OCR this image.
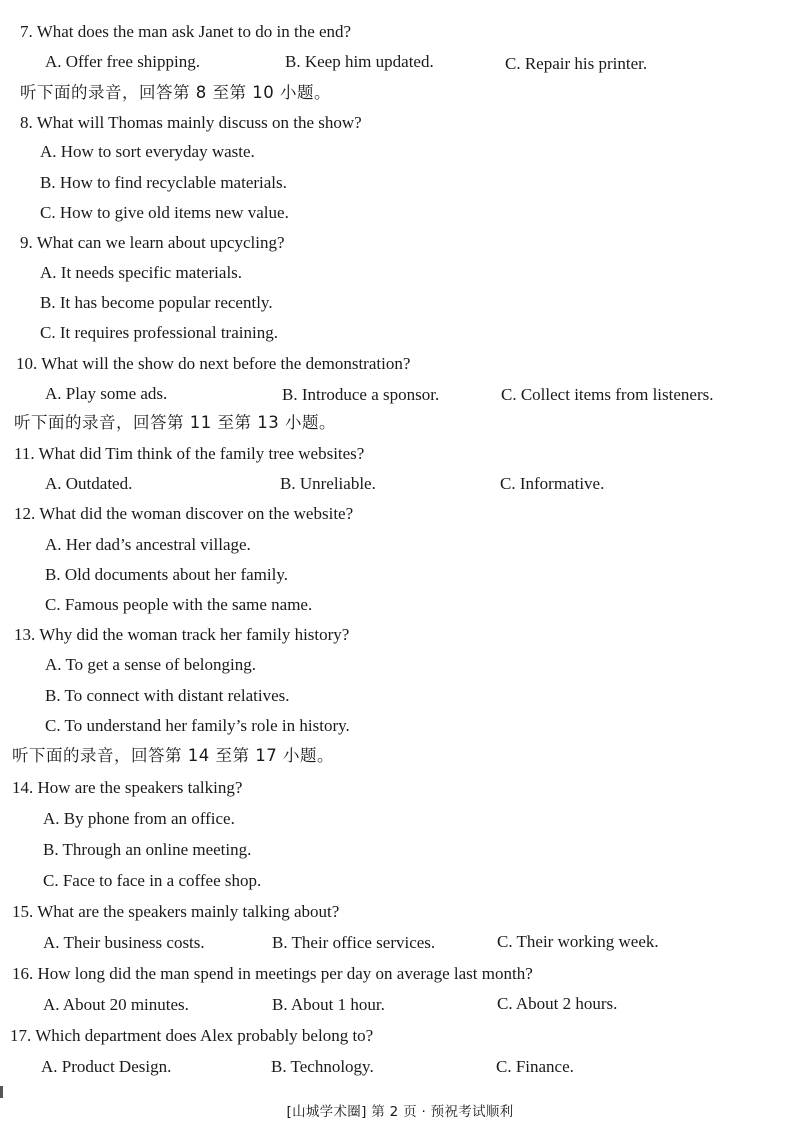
7. What does the man ask Janet to do in the end?
A. Offer free shipping.	B. Keep him updated.	C. Repair his printer.
听下面的录音，回答第 8 至第 10 小题。
8. What will Thomas mainly discuss on the show?
A. How to sort everyday waste.
B. How to find recyclable materials.
C. How to give old items new value.
9. What can we learn about upcycling?
A. It needs specific materials.
B. It has become popular recently.
C. It requires professional training.
10. What will the show do next before the demonstration?
A. Play some ads.	B. Introduce a sponsor.	C. Collect items from listeners.
听下面的录音，回答第 11 至第 13 小题。
11. What did Tim think of the family tree websites?
A. Outdated.	B. Unreliable.	C. Informative.
12. What did the woman discover on the website?
A. Her dad’s ancestral village.
B. Old documents about her family.
C. Famous people with the same name.
13. Why did the woman track her family history?
A. To get a sense of belonging.
B. To connect with distant relatives.
C. To understand her family’s role in history.
听下面的录音，回答第 14 至第 17 小题。
14. How are the speakers talking?
A. By phone from an office.
B. Through an online meeting.
C. Face to face in a coffee shop.
15. What are the speakers mainly talking about?
A. Their business costs.	B. Their office services.	C. Their working week.
16. How long did the man spend in meetings per day on average last month?
A. About 20 minutes.	B. About 1 hour.	C. About 2 hours.
17. Which department does Alex probably belong to?
A. Product Design.	B. Technology.	C. Finance.
[山城学术圈] 第 2 页 · 预祝考试顺利
